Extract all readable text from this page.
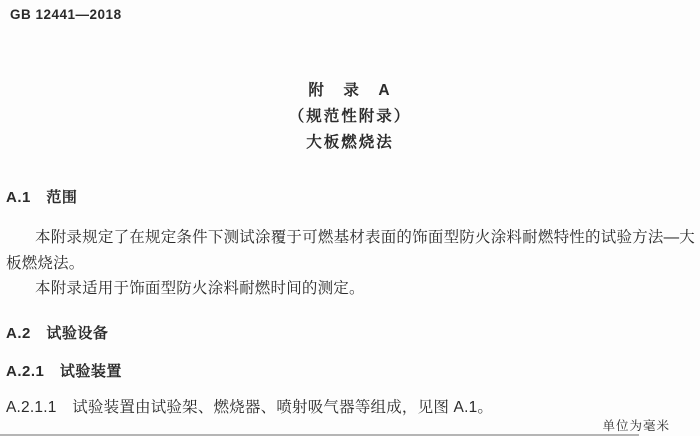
GB 12441—2018
附　录　A
（规范性附录）
大板燃烧法
A.1　范围
本附录规定了在规定条件下测试涂覆于可燃基材表面的饰面型防火涂料耐燃特性的试验方法—大
板燃烧法。
本附录适用于饰面型防火涂料耐燃时间的测定。
A.2　试验设备
A.2.1　试验装置
A.2.1.1　试验装置由试验架、燃烧器、喷射吸气器等组成，见图 A.1。
单位为毫米
